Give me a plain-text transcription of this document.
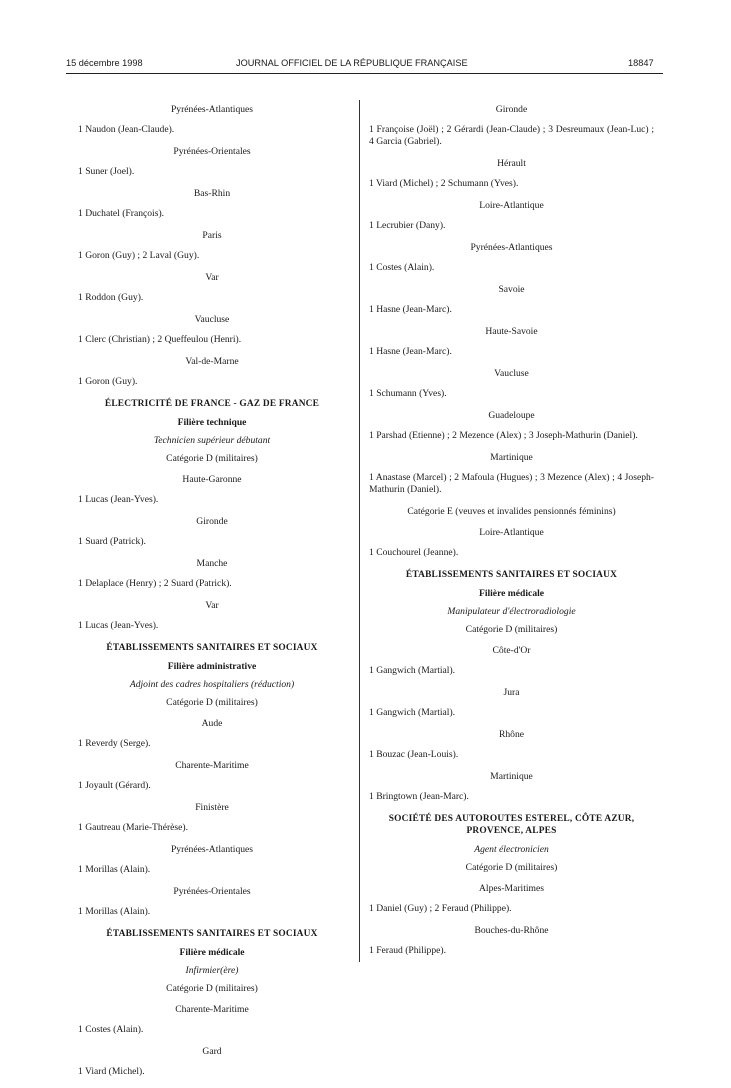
15 décembre 1998	JOURNAL OFFICIEL DE LA RÉPUBLIQUE FRANÇAISE	18847

Pyrénées-Atlantiques

1 Naudon (Jean-Claude).

Pyrénées-Orientales

1 Suner (Joel).

Bas-Rhin

1 Duchatel (François).

Paris

1 Goron (Guy) ; 2 Laval (Guy).

Var

1 Roddon (Guy).

Vaucluse

1 Clerc (Christian) ; 2 Queffeulou (Henri).

Val-de-Marne

1 Goron (Guy).

ÉLECTRICITÉ DE FRANCE - GAZ DE FRANCE

Filière technique

Technicien supérieur débutant

Catégorie D (militaires)

Haute-Garonne

1 Lucas (Jean-Yves).

Gironde

1 Suard (Patrick).

Manche

1 Delaplace (Henry) ; 2 Suard (Patrick).

Var

1 Lucas (Jean-Yves).

ÉTABLISSEMENTS SANITAIRES ET SOCIAUX

Filière administrative

Adjoint des cadres hospitaliers (réduction)

Catégorie D (militaires)

Aude

1 Reverdy (Serge).

Charente-Maritime

1 Joyault (Gérard).

Finistère

1 Gautreau (Marie-Thérèse).

Pyrénées-Atlantiques

1 Morillas (Alain).

Pyrénées-Orientales

1 Morillas (Alain).

ÉTABLISSEMENTS SANITAIRES ET SOCIAUX

Filière médicale

Infirmier(ère)

Catégorie D (militaires)

Charente-Maritime

1 Costes (Alain).

Gard

1 Viard (Michel).

Gironde

1 Françoise (Joël) ; 2 Gérardi (Jean-Claude) ; 3 Desreumaux (Jean-Luc) ; 4 Garcia (Gabriel).

Hérault

1 Viard (Michel) ; 2 Schumann (Yves).

Loire-Atlantique

1 Lecrubier (Dany).

Pyrénées-Atlantiques

1 Costes (Alain).

Savoie

1 Hasne (Jean-Marc).

Haute-Savoie

1 Hasne (Jean-Marc).

Vaucluse

1 Schumann (Yves).

Guadeloupe

1 Parshad (Etienne) ; 2 Mezence (Alex) ; 3 Joseph-Mathurin (Daniel).

Martinique

1 Anastase (Marcel) ; 2 Mafoula (Hugues) ; 3 Mezence (Alex) ; 4 Joseph-Mathurin (Daniel).

Catégorie E (veuves et invalides pensionnés féminins)

Loire-Atlantique

1 Couchourel (Jeanne).

ÉTABLISSEMENTS SANITAIRES ET SOCIAUX

Filière médicale

Manipulateur d'électroradiologie

Catégorie D (militaires)

Côte-d'Or

1 Gangwich (Martial).

Jura

1 Gangwich (Martial).

Rhône

1 Bouzac (Jean-Louis).

Martinique

1 Bringtown (Jean-Marc).

SOCIÉTÉ DES AUTOROUTES ESTEREL, CÔTE AZUR, PROVENCE, ALPES

Agent électronicien

Catégorie D (militaires)

Alpes-Maritimes

1 Daniel (Guy) ; 2 Feraud (Philippe).

Bouches-du-Rhône

1 Feraud (Philippe).
